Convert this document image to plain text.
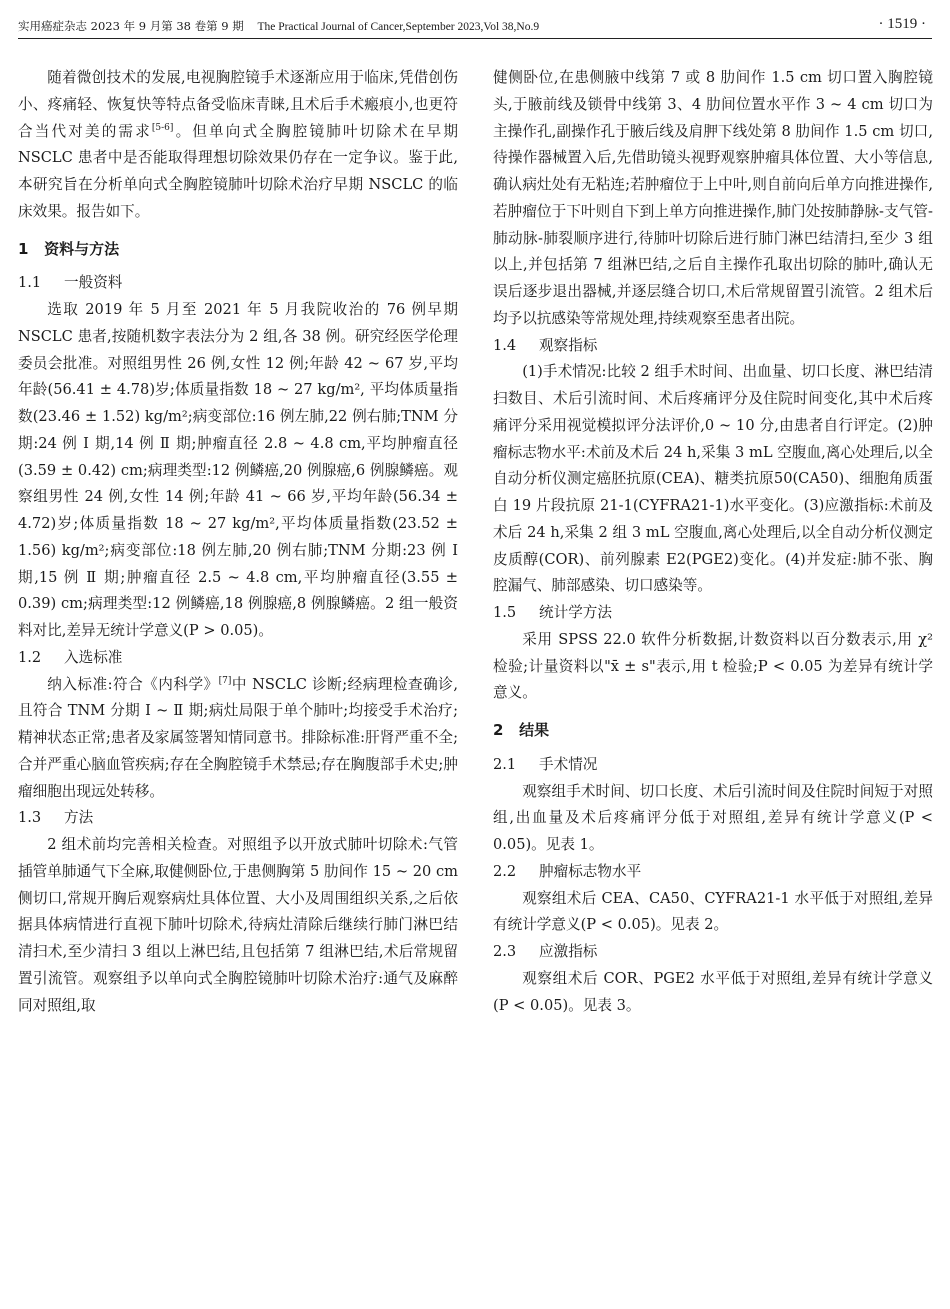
实用癌症杂志 2023 年 9 月第 38 卷第 9 期 The Practical Journal of Cancer,September 2023,Vol 38,No.9	· 1519 ·

随着微创技术的发展,电视胸腔镜手术逐渐应用于临床,凭借创伤小、疼痛轻、恢复快等特点备受临床青睐,且术后手术瘢痕小,也更符合当代对美的需求[5-6]。但单向式全胸腔镜肺叶切除术在早期 NSCLC 患者中是否能取得理想切除效果仍存在一定争议。鉴于此,本研究旨在分析单向式全胸腔镜肺叶切除术治疗早期 NSCLC 的临床效果。报告如下。

1 资料与方法

1.1 一般资料

选取 2019 年 5 月至 2021 年 5 月我院收治的 76 例早期 NSCLC 患者,按随机数字表法分为 2 组,各 38 例。研究经医学伦理委员会批准。对照组男性 26 例,女性 12 例;年龄 42 ~ 67 岁,平均年龄(56.41 ± 4.78)岁;体质量指数 18 ~ 27 kg/m², 平均体质量指数(23.46 ± 1.52) kg/m²;病变部位:16 例左肺,22 例右肺;TNM 分期:24 例 Ⅰ 期,14 例 Ⅱ 期;肿瘤直径 2.8 ~ 4.8 cm,平均肿瘤直径(3.59 ± 0.42) cm;病理类型:12 例鳞癌,20 例腺癌,6 例腺鳞癌。观察组男性 24 例,女性 14 例;年龄 41 ~ 66 岁,平均年龄(56.34 ± 4.72)岁;体质量指数 18 ~ 27 kg/m²,平均体质量指数(23.52 ± 1.56) kg/m²;病变部位:18 例左肺,20 例右肺;TNM 分期:23 例 Ⅰ 期,15 例 Ⅱ 期;肿瘤直径 2.5 ~ 4.8 cm,平均肿瘤直径(3.55 ± 0.39) cm;病理类型:12 例鳞癌,18 例腺癌,8 例腺鳞癌。2 组一般资料对比,差异无统计学意义(P > 0.05)。

1.2 入选标准

纳入标准:符合《内科学》[7]中 NSCLC 诊断;经病理检查确诊,且符合 TNM 分期 Ⅰ ~ Ⅱ 期;病灶局限于单个肺叶;均接受手术治疗;精神状态正常;患者及家属签署知情同意书。排除标准:肝肾严重不全;合并严重心脑血管疾病;存在全胸腔镜手术禁忌;存在胸腹部手术史;肿瘤细胞出现远处转移。

1.3 方法

2 组术前均完善相关检查。对照组予以开放式肺叶切除术:气管插管单肺通气下全麻,取健侧卧位,于患侧胸第 5 肋间作 15 ~ 20 cm 侧切口,常规开胸后观察病灶具体位置、大小及周围组织关系,之后依据具体病情进行直视下肺叶切除术,待病灶清除后继续行肺门淋巴结清扫术,至少清扫 3 组以上淋巴结,且包括第 7 组淋巴结,术后常规留置引流管。观察组予以单向式全胸腔镜肺叶切除术治疗:通气及麻醉同对照组,取

健侧卧位,在患侧腋中线第 7 或 8 肋间作 1.5 cm 切口置入胸腔镜头,于腋前线及锁骨中线第 3、4 肋间位置水平作 3 ~ 4 cm 切口为主操作孔,副操作孔于腋后线及肩胛下线处第 8 肋间作 1.5 cm 切口,待操作器械置入后,先借助镜头视野观察肿瘤具体位置、大小等信息,确认病灶处有无粘连;若肿瘤位于上中叶,则自前向后单方向推进操作,若肿瘤位于下叶则自下到上单方向推进操作,肺门处按肺静脉-支气管-肺动脉-肺裂顺序进行,待肺叶切除后进行肺门淋巴结清扫,至少 3 组以上,并包括第 7 组淋巴结,之后自主操作孔取出切除的肺叶,确认无误后逐步退出器械,并逐层缝合切口,术后常规留置引流管。2 组术后均予以抗感染等常规处理,持续观察至患者出院。

1.4 观察指标

(1)手术情况:比较 2 组手术时间、出血量、切口长度、淋巴结清扫数目、术后引流时间、术后疼痛评分及住院时间变化,其中术后疼痛评分采用视觉模拟评分法评价,0 ~ 10 分,由患者自行评定。(2)肿瘤标志物水平:术前及术后 24 h,采集 3 mL 空腹血,离心处理后,以全自动分析仪测定癌胚抗原(CEA)、糖类抗原50(CA50)、细胞角质蛋白 19 片段抗原 21-1(CYFRA21-1)水平变化。(3)应激指标:术前及术后 24 h,采集 2 组 3 mL 空腹血,离心处理后,以全自动分析仪测定皮质醇(COR)、前列腺素 E2(PGE2)变化。(4)并发症:肺不张、胸腔漏气、肺部感染、切口感染等。

1.5 统计学方法

采用 SPSS 22.0 软件分析数据,计数资料以百分数表示,用 χ² 检验;计量资料以"x̄ ± s"表示,用 t 检验;P < 0.05 为差异有统计学意义。

2 结果

2.1 手术情况

观察组手术时间、切口长度、术后引流时间及住院时间短于对照组,出血量及术后疼痛评分低于对照组,差异有统计学意义(P < 0.05)。见表 1。

2.2 肿瘤标志物水平

观察组术后 CEA、CA50、CYFRA21-1 水平低于对照组,差异有统计学意义(P < 0.05)。见表 2。

2.3 应激指标

观察组术后 COR、PGE2 水平低于对照组,差异有统计学意义(P < 0.05)。见表 3。
